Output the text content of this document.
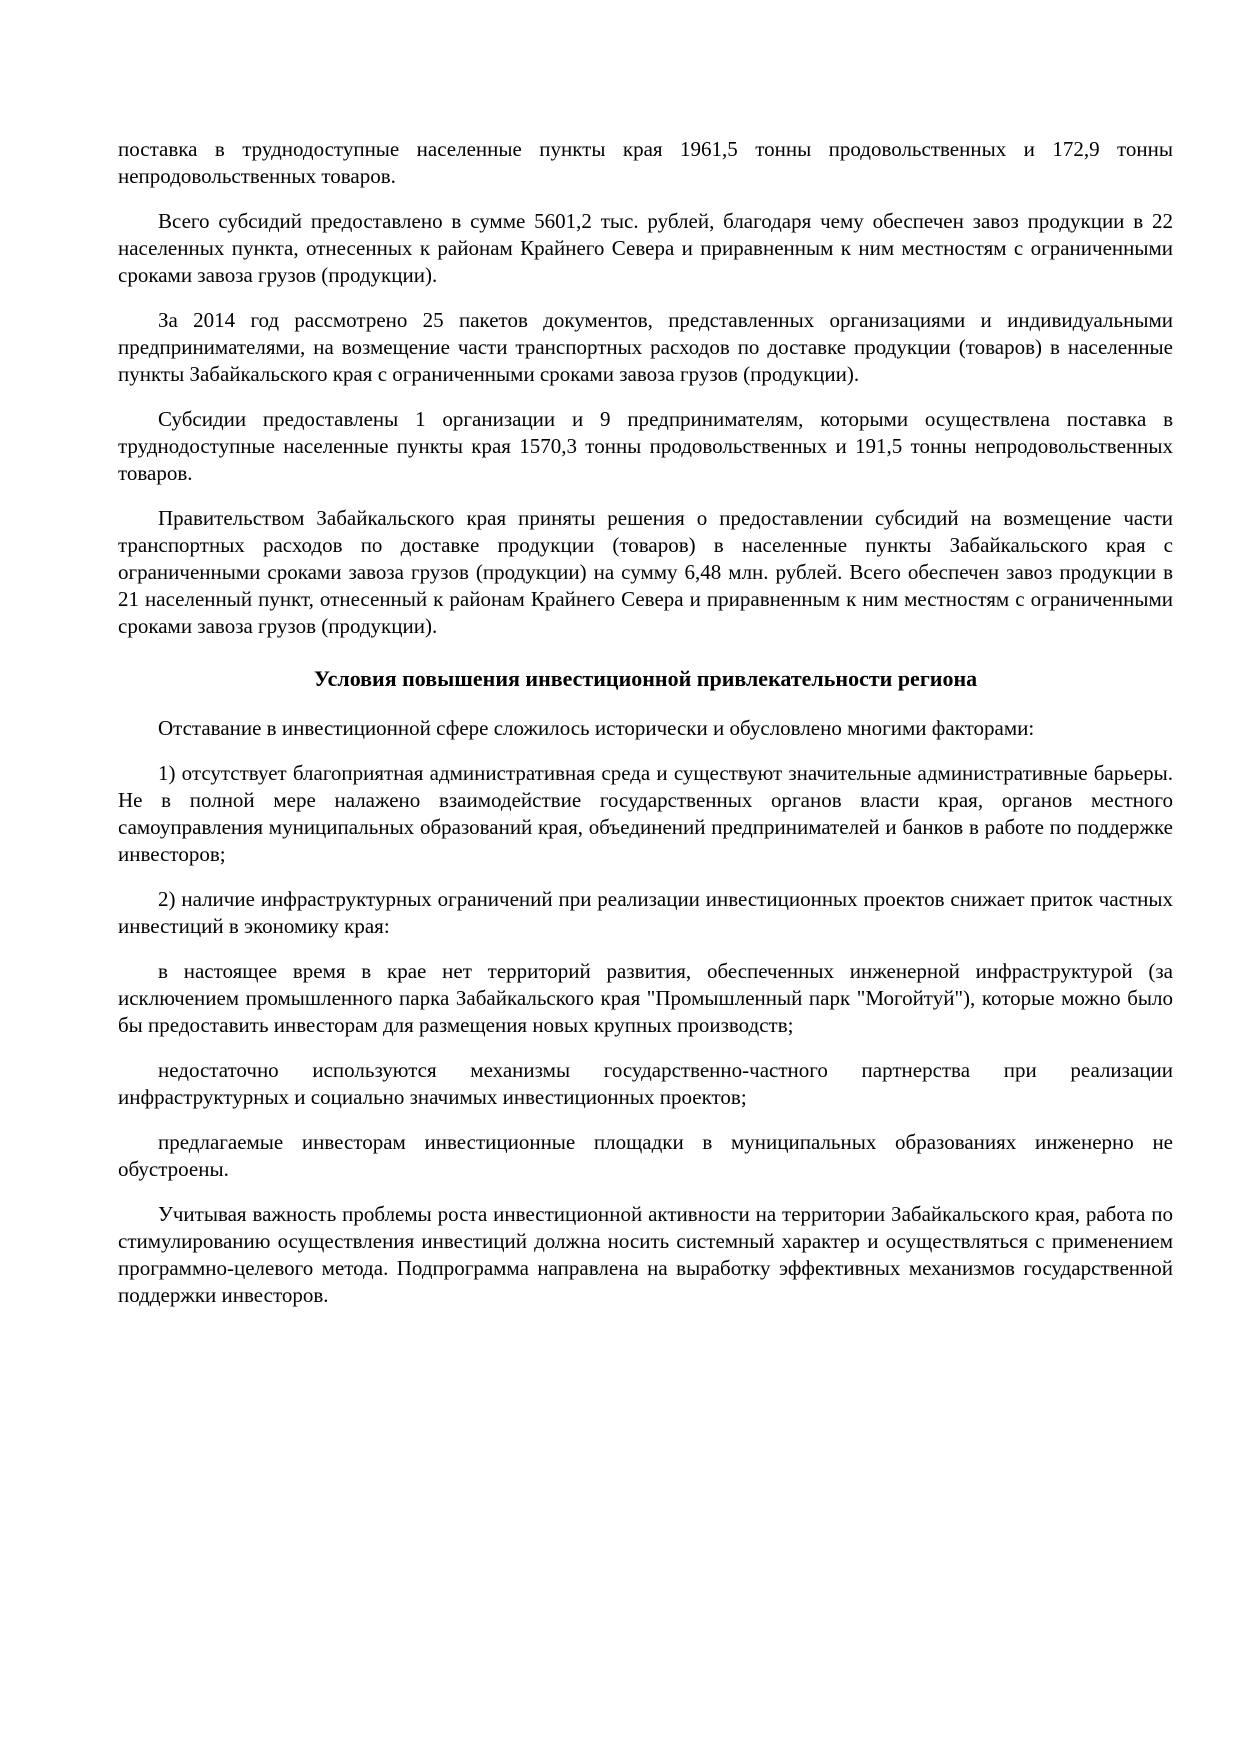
поставка в труднодоступные населенные пункты края 1961,5 тонны продовольственных и 172,9 тонны непродовольственных товаров.

Всего субсидий предоставлено в сумме 5601,2 тыс. рублей, благодаря чему обеспечен завоз продукции в 22 населенных пункта, отнесенных к районам Крайнего Севера и приравненным к ним местностям с ограниченными сроками завоза грузов (продукции).

За 2014 год рассмотрено 25 пакетов документов, представленных организациями и индивидуальными предпринимателями, на возмещение части транспортных расходов по доставке продукции (товаров) в населенные пункты Забайкальского края с ограниченными сроками завоза грузов (продукции).

Субсидии предоставлены 1 организации и 9 предпринимателям, которыми осуществлена поставка в труднодоступные населенные пункты края 1570,3 тонны продовольственных и 191,5 тонны непродовольственных товаров.

Правительством Забайкальского края приняты решения о предоставлении субсидий на возмещение части транспортных расходов по доставке продукции (товаров) в населенные пункты Забайкальского края с ограниченными сроками завоза грузов (продукции) на сумму 6,48 млн. рублей. Всего обеспечен завоз продукции в 21 населенный пункт, отнесенный к районам Крайнего Севера и приравненным к ним местностям с ограниченными сроками завоза грузов (продукции).

Условия повышения инвестиционной привлекательности региона

Отставание в инвестиционной сфере сложилось исторически и обусловлено многими факторами:

1) отсутствует благоприятная административная среда и существуют значительные административные барьеры. Не в полной мере налажено взаимодействие государственных органов власти края, органов местного самоуправления муниципальных образований края, объединений предпринимателей и банков в работе по поддержке инвесторов;

2) наличие инфраструктурных ограничений при реализации инвестиционных проектов снижает приток частных инвестиций в экономику края:

в настоящее время в крае нет территорий развития, обеспеченных инженерной инфраструктурой (за исключением промышленного парка Забайкальского края "Промышленный парк "Могойтуй"), которые можно было бы предоставить инвесторам для размещения новых крупных производств;

недостаточно используются механизмы государственно-частного партнерства при реализации инфраструктурных и социально значимых инвестиционных проектов;

предлагаемые инвесторам инвестиционные площадки в муниципальных образованиях инженерно не обустроены.

Учитывая важность проблемы роста инвестиционной активности на территории Забайкальского края, работа по стимулированию осуществления инвестиций должна носить системный характер и осуществляться с применением программно-целевого метода. Подпрограмма направлена на выработку эффективных механизмов государственной поддержки инвесторов.
